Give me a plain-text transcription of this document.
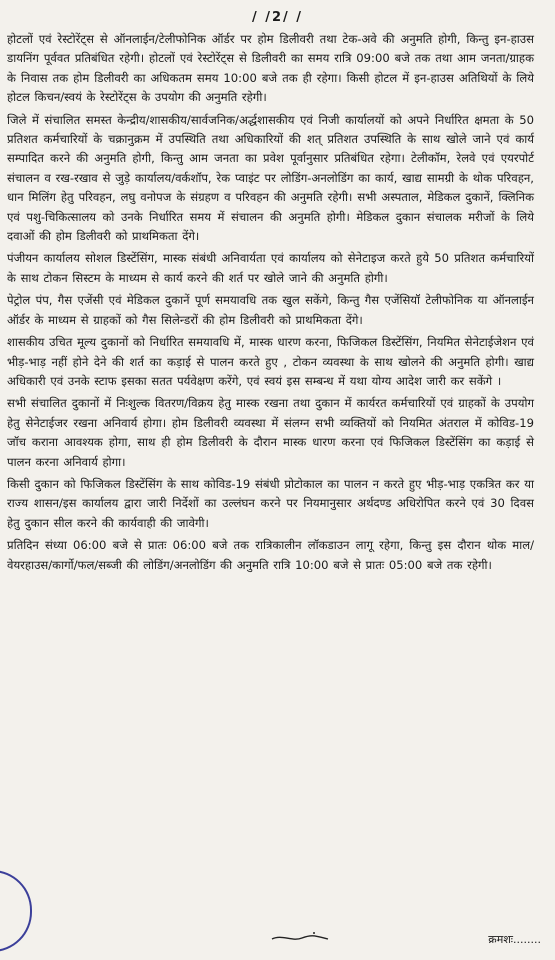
/ /2/ /

होटलों एवं रेस्टोरेंट्स से ऑनलाईन/टेलीफोनिक ऑर्डर पर होम डिलीवरी तथा टेक-अवे की अनुमति होगी, किन्तु इन-हाउस डायनिंग पूर्ववत प्रतिबंधित रहेगी। होटलों एवं रेस्टोरेंट्स से डिलीवरी का समय रात्रि 09:00 बजे तक तथा आम जनता/ग्राहक के निवास तक होम डिलीवरी का अधिकतम समय 10:00 बजे तक ही रहेगा। किसी होटल में इन-हाउस अतिथियों के लिये होटल किचन/स्वयं के रेस्टोरेंट्स के उपयोग की अनुमति रहेगी।

जिले में संचालित समस्त केन्द्रीय/शासकीय/सार्वजनिक/अर्द्धशासकीय एवं निजी कार्यालयों को अपने निर्धारित क्षमता के 50 प्रतिशत कर्मचारियों के चक्रानुक्रम में उपस्थिति तथा अधिकारियों की शत् प्रतिशत उपस्थिति के साथ खोले जाने एवं कार्य सम्पादित करने की अनुमति होगी, किन्तु आम जनता का प्रवेश पूर्वानुसार प्रतिबंधित रहेगा। टेलीकॉम, रेलवे एवं एयरपोर्ट संचालन व रख-रखाव से जुड़े कार्यालय/वर्कशॉप, रेक प्वाइंट पर लोडिंग-अनलोडिंग का कार्य, खाद्य सामग्री के थोक परिवहन, धान मिलिंग हेतु परिवहन, लघु वनोपज के संग्रहण व परिवहन की अनुमति रहेगी। सभी अस्पताल, मेडिकल दुकानें, क्लिनिक एवं पशु-चिकित्सालय को उनके निर्धारित समय में संचालन की अनुमति होगी। मेडिकल दुकान संचालक मरीजों के लिये दवाओं की होम डिलीवरी को प्राथमिकता देंगे।

पंजीयन कार्यालय सोशल डिस्टेंसिंग, मास्क संबंधी अनिवार्यता एवं कार्यालय को सेनेटाइज करते हुये 50 प्रतिशत कर्मचारियों के साथ टोकन सिस्टम के माध्यम से कार्य करने की शर्त पर खोले जाने की अनुमति होगी।

पेट्रोल पंप, गैस एजेंसी एवं मेडिकल दुकानें पूर्ण समयावधि तक खुल सकेंगे, किन्तु गैस एजेंसियॉ टेलीफोनिक या ऑनलाईन ऑर्डर के माध्यम से ग्राहकों को गैस सिलेन्डरों की होम डिलीवरी को प्राथमिकता देंगे।

शासकीय उचित मूल्य दुकानों को निर्धारित समयावधि में, मास्क धारण करना, फिजिकल डिस्टेंसिंग, नियमित सेनेटाईजेशन एवं भीड़-भाड़ नहीं होने देने की शर्त का कड़ाई से पालन करते हुए , टोकन व्यवस्था के साथ खोलने की अनुमति होगी। खाद्य अधिकारी एवं उनके स्टाफ इसका सतत पर्यवेक्षण करेंगे, एवं स्वयं इस सम्बन्ध में यथा योग्य आदेश जारी कर सकेंगे ।

सभी संचालित दुकानों में निःशुल्क वितरण/विक्रय हेतु मास्क रखना तथा दुकान में कार्यरत कर्मचारियों एवं ग्राहकों के उपयोग हेतु सेनेटाईजर रखना अनिवार्य होगा। होम डिलीवरी व्यवस्था में संलग्न सभी व्यक्तियों को नियमित अंतराल में कोविड-19 जॉच कराना आवश्यक होगा, साथ ही होम डिलीवरी के दौरान मास्क धारण करना एवं फिजिकल डिस्टेंसिंग का कड़ाई से पालन करना अनिवार्य होगा।

किसी दुकान को फिजिकल डिस्टेंसिंग के साथ कोविड-19 संबंधी प्रोटोकाल का पालन न करते हुए भीड़-भाड़ एकत्रित कर या राज्य शासन/इस कार्यालय द्वारा जारी निर्देशों का उल्लंघन करने पर नियमानुसार अर्थदण्ड अधिरोपित करने एवं 30 दिवस हेतु दुकान सील करने की कार्यवाही की जावेगी।

प्रतिदिन संध्या 06:00 बजे से प्रातः 06:00 बजे तक रात्रिकालीन लॉकडाउन लागू रहेगा, किन्तु इस दौरान थोक माल/वेयरहाउस/कार्गो/फल/सब्जी की लोडिंग/अनलोडिंग की अनुमति रात्रि 10:00 बजे से प्रातः 05:00 बजे तक रहेगी।

क्रमशः........
